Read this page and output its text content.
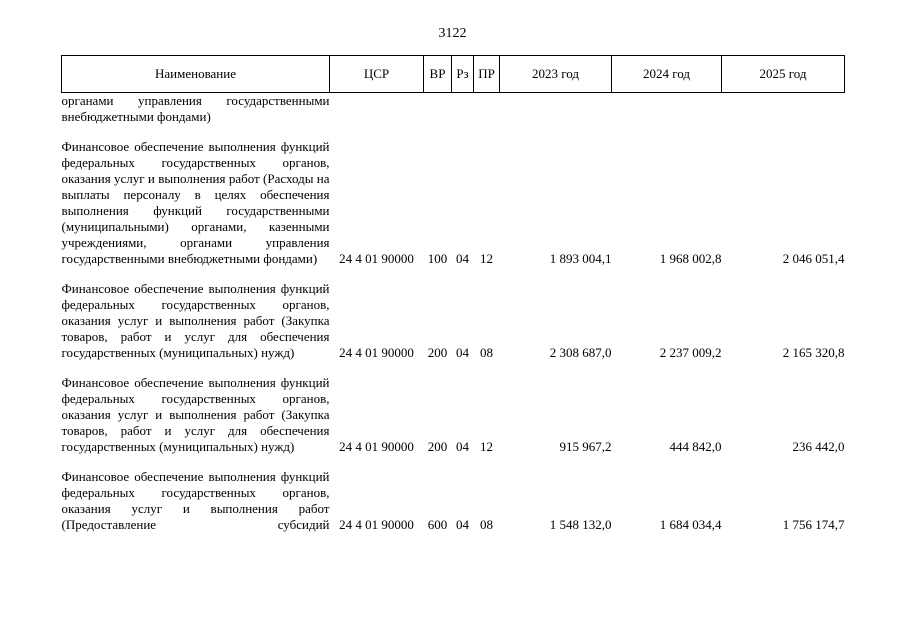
3122
Наименование	ЦСР	ВР	Рз	ПР	2023 год	2024 год	2025 год
органами управления государственными внебюджетными фондами)							

Финансовое обеспечение выполнения функций федеральных государственных органов, оказания услуг и выполнения работ (Расходы на выплаты персоналу в целях обеспечения выполнения функций государственными (муниципальными) органами, казенными учреждениями, органами управления государственными внебюджетными фондами)	24 4 01 90000	100	04	12	1 893 004,1	1 968 002,8	2 046 051,4

Финансовое обеспечение выполнения функций федеральных государственных органов, оказания услуг и выполнения работ (Закупка товаров, работ и услуг для обеспечения государственных (муниципальных) нужд)	24 4 01 90000	200	04	08	2 308 687,0	2 237 009,2	2 165 320,8

Финансовое обеспечение выполнения функций федеральных государственных органов, оказания услуг и выполнения работ (Закупка товаров, работ и услуг для обеспечения государственных (муниципальных) нужд)	24 4 01 90000	200	04	12	915 967,2	444 842,0	236 442,0

Финансовое обеспечение выполнения функций федеральных государственных органов, оказания услуг и выполнения работ (Предоставление субсидий	24 4 01 90000	600	04	08	1 548 132,0	1 684 034,4	1 756 174,7
